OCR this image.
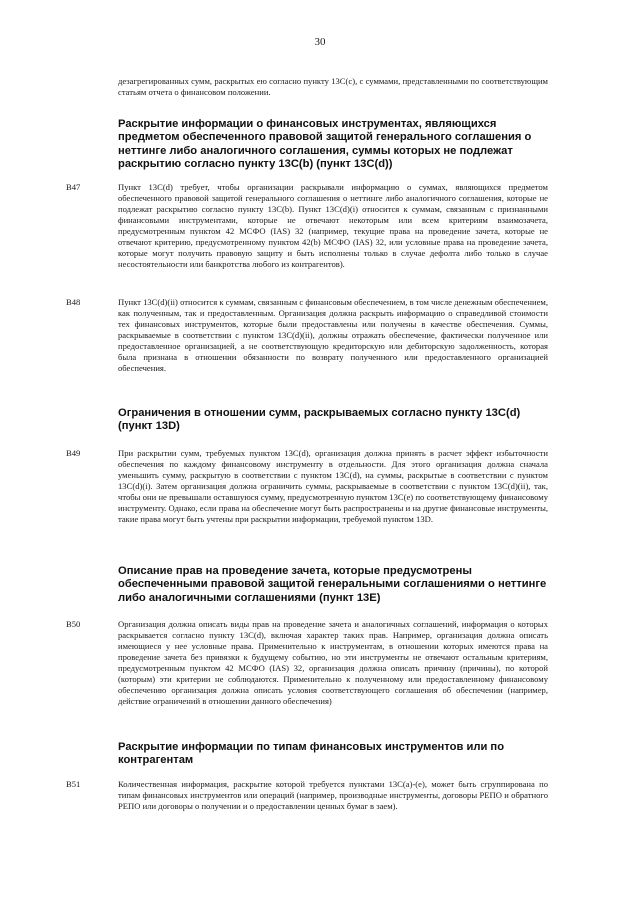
30

дезагрегированных сумм, раскрытых ею согласно пункту 13С(с), с суммами, представленными по соответствующим статьям отчета о финансовом положении.

Раскрытие информации о финансовых инструментах, являющихся предметом обеспеченного правовой защитой генерального соглашения о неттинге либо аналогичного соглашения, суммы которых не подлежат раскрытию согласно пункту 13С(b) (пункт 13С(d))

В47	Пункт 13С(d) требует, чтобы организации раскрывали информацию о суммах, являющихся предметом обеспеченного правовой защитой генерального соглашения о неттинге либо аналогичного соглашения, которые не подлежат раскрытию согласно пункту 13С(b). Пункт 13С(d)(i) относится к суммам, связанным с признанными финансовыми инструментами, которые не отвечают некоторым или всем критериям взаимозачета, предусмотренным пунктом 42 МСФО (IAS) 32 (например, текущие права на проведение зачета, которые не отвечают критерию, предусмотренному пунктом 42(b) МСФО (IAS) 32, или условные права на проведение зачета, которые могут получить правовую защиту и быть исполнены только в случае дефолта либо только в случае несостоятельности или банкротства любого из контрагентов).

В48	Пункт 13С(d)(ii) относится к суммам, связанным с финансовым обеспечением, в том числе денежным обеспечением, как полученным, так и предоставленным. Организация должна раскрыть информацию о справедливой стоимости тех финансовых инструментов, которые были предоставлены или получены в качестве обеспечения. Суммы, раскрываемые в соответствии с пунктом 13С(d)(ii), должны отражать обеспечение, фактически полученное или предоставленное организацией, а не соответствующую кредиторскую или дебиторскую задолженность, которая была признана в отношении обязанности по возврату полученного или предоставленного организацией обеспечения.

Ограничения в отношении сумм, раскрываемых согласно пункту 13С(d) (пункт 13D)

В49	При раскрытии сумм, требуемых пунктом 13С(d), организация должна принять в расчет эффект избыточности обеспечения по каждому финансовому инструменту в отдельности. Для этого организация должна сначала уменьшить сумму, раскрытую в соответствии с пунктом 13С(d), на суммы, раскрытые в соответствии с пунктом 13С(d)(i). Затем организация должна ограничить суммы, раскрываемые в соответствии с пунктом 13С(d)(ii), так, чтобы они не превышали оставшуюся сумму, предусмотренную пунктом 13С(е) по соответствующему финансовому инструменту. Однако, если права на обеспечение могут быть распространены и на другие финансовые инструменты, такие права могут быть учтены при раскрытии информации, требуемой пунктом 13D.

Описание прав на проведение зачета, которые предусмотрены обеспеченными правовой защитой генеральными соглашениями о неттинге либо аналогичными соглашениями (пункт 13Е)

В50	Организация должна описать виды прав на проведение зачета и аналогичных соглашений, информация о которых раскрывается согласно пункту 13С(d), включая характер таких прав. Например, организация должна описать имеющиеся у нее условные права. Применительно к инструментам, в отношении которых имеются права на проведение зачета без привязки к будущему событию, но эти инструменты не отвечают остальным критериям, предусмотренным пунктом 42 МСФО (IAS) 32, организация должна описать причину (причины), по которой (которым) эти критерии не соблюдаются. Применительно к полученному или предоставленному финансовому обеспечению организация должна описать условия соответствующего соглашения об обеспечении (например, действие ограничений в отношении данного обеспечения)

Раскрытие информации по типам финансовых инструментов или по контрагентам

В51	Количественная информация, раскрытие которой требуется пунктами 13С(а)-(е), может быть сгруппирована по типам финансовых инструментов или операций (например, производные инструменты, договоры РЕПО и обратного РЕПО или договоры о получении и о предоставлении ценных бумаг в заем).
